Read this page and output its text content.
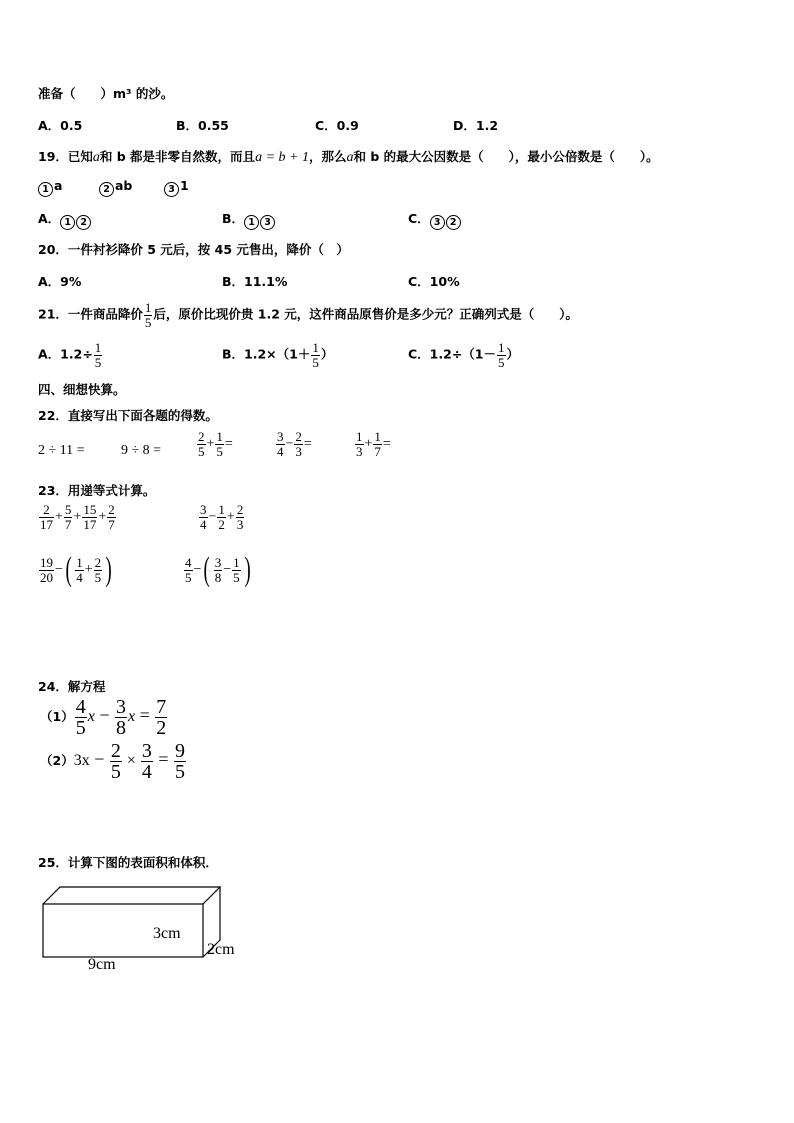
准备（　　）m³ 的沙。
A．0.5	B．0.55	C．0.9	D．1.2
19．已知a和 b 都是非零自然数，而且a = b + 1，那么a和 b 的最大公因数是（　　），最小公倍数是（　　）。
1 a	2 ab	3 1
A． 1 2	B． 1 3	C． 3 2
20．一件衬衫降价 5 元后，按 45 元售出，降价（　）
A．9%	B．11.1%	C．10%
21．一件商品降价 $\frac{1}{5}$ 后，原价比现价贵 1.2 元，这件商品原售价是多少元？正确列式是（　　）。
A．$1.2\div \frac{1}{5}$	B．$1.2\times(1+ \frac{1}{5}$ ）	C．$1.2\div(1- \frac{1}{5}$ ）
四、细想快算。
22．直接写出下面各题的得数。
2 ÷ 11 =	9 ÷ 8 =	$\frac{2}{5} + \frac{1}{5}$ =	$\frac{3}{4} - \frac{2}{3}$ =	$\frac{1}{3} + \frac{1}{7}$ =
23．用递等式计算。
$\frac{2}{17} + \frac{5}{7} + \frac{15}{17} + \frac{2}{7}$	$\frac{3}{4} - \frac{1}{2} + \frac{2}{3}$
$\frac{19}{20}$ −( $\frac{1}{4} + \frac{2}{5}$ )	$\frac{4}{5}$ −( $\frac{3}{8} - \frac{1}{5}$ )
24．解方程
$(1) \frac{4}{5}$ $x - \frac{3}{8}$ $x = \frac{7}{2}$
$(2)3x - \frac{2}{5} \times \frac{3}{4} = \frac{9}{5}$
25．计算下图的表面积和体积．
3cm
2cm
9cm
